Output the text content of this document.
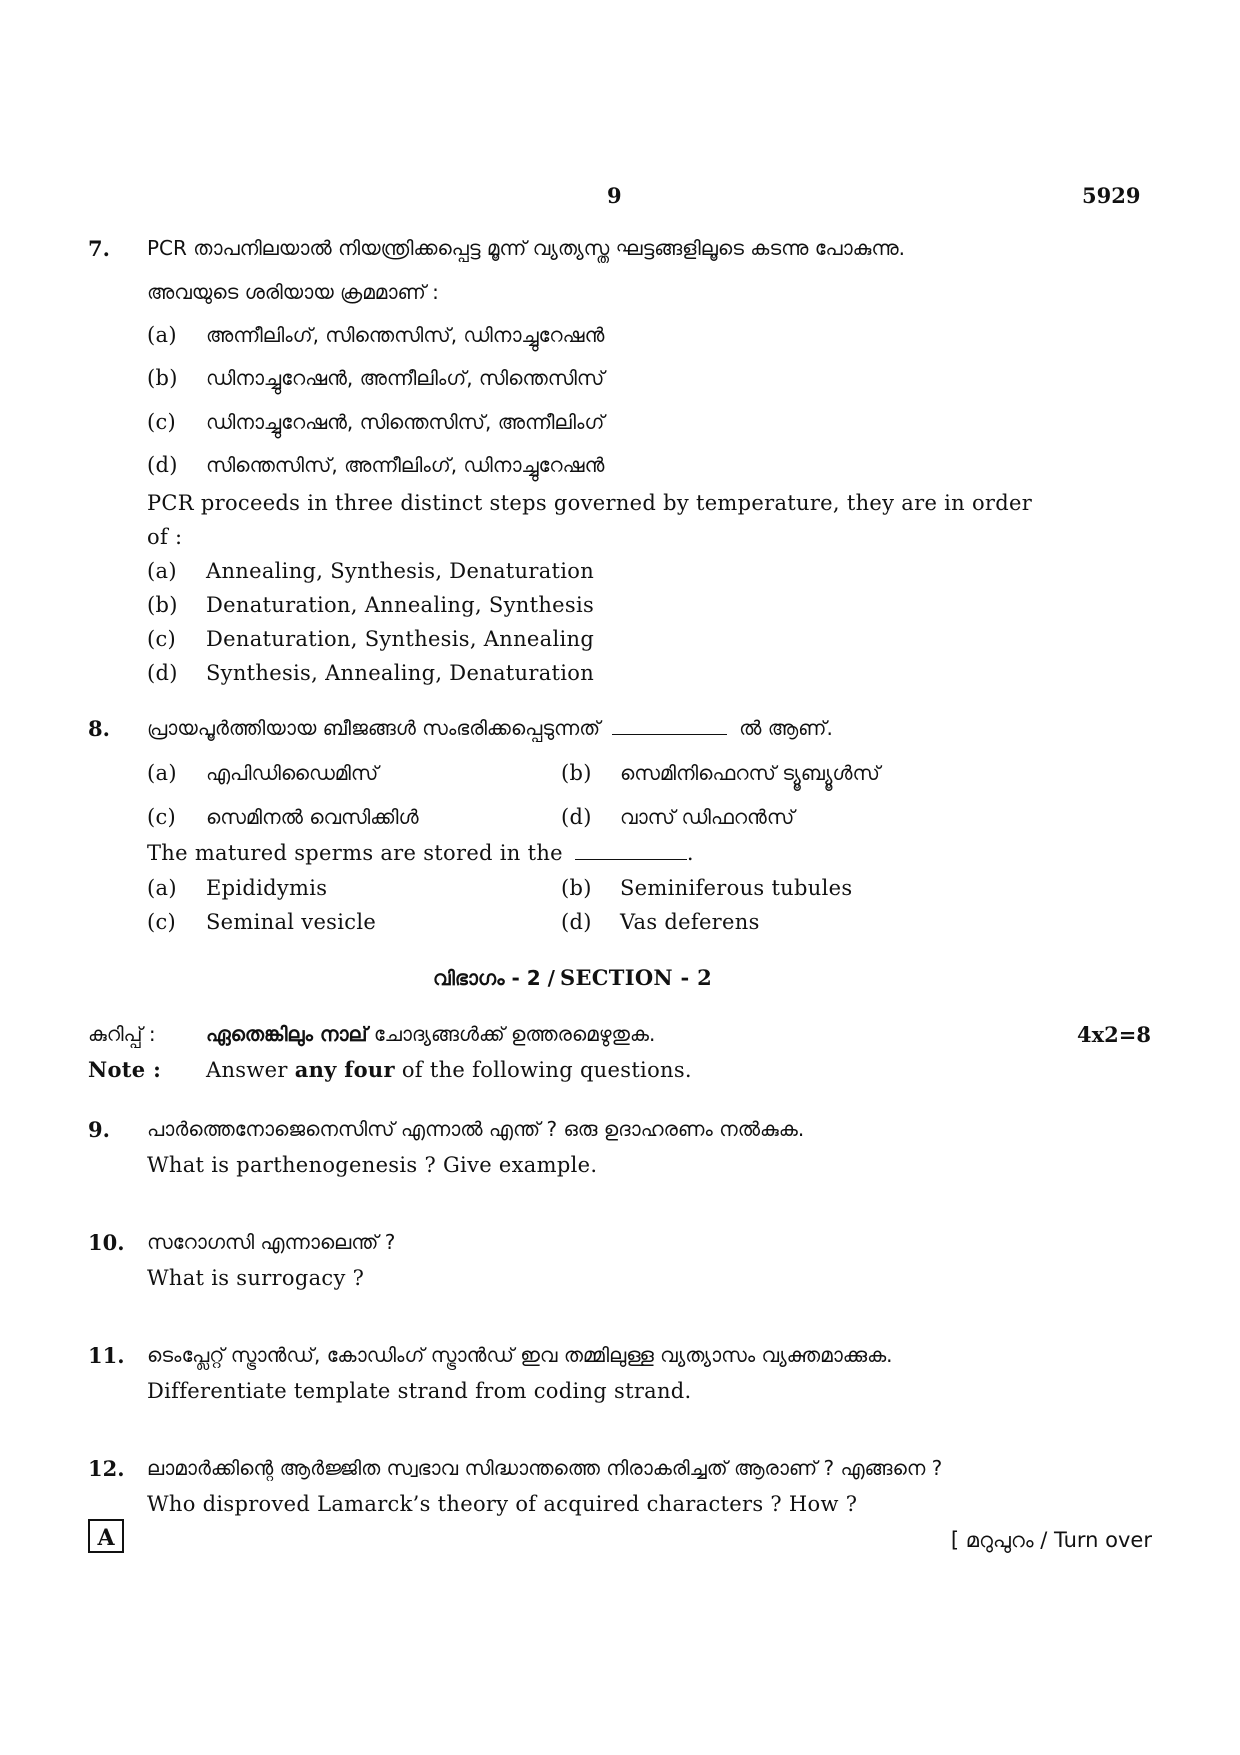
9	5929
7. PCR താപനിലയാൽ നിയന്ത്രിക്കപ്പെട്ട മൂന്ന് വ്യത്യസ്ത ഘട്ടങ്ങളിലൂടെ കടന്നു പോകുന്നു.
അവയുടെ ശരിയായ ക്രമമാണ് :
(a) അന്നീലിംഗ്, സിന്തെസിസ്, ഡിനാച്ചുറേഷൻ
(b) ഡിനാച്ചുറേഷൻ, അന്നീലിംഗ്, സിന്തെസിസ്
(c) ഡിനാച്ചുറേഷൻ, സിന്തെസിസ്, അന്നീലിംഗ്
(d) സിന്തെസിസ്, അന്നീലിംഗ്, ഡിനാച്ചുറേഷൻ
PCR proceeds in three distinct steps governed by temperature, they are in order
of :
(a) Annealing, Synthesis, Denaturation
(b) Denaturation, Annealing, Synthesis
(c) Denaturation, Synthesis, Annealing
(d) Synthesis, Annealing, Denaturation
8. പ്രായപൂർത്തിയായ ബീജങ്ങൾ സംഭരിക്കപ്പെടുന്നത്	ൽ ആണ്.
(a) എപിഡിഡൈമിസ്	(b) സെമിനിഫെറസ് ട്യൂബ്യൂൾസ്
(c) സെമിനൽ വെസിക്കിൾ	(d) വാസ് ഡിഫറൻസ്
The matured sperms are stored in the	.
(a) Epididymis	(b) Seminiferous tubules
(c) Seminal vesicle	(d) Vas deferens
വിഭാഗം - 2 / SECTION - 2
കുറിപ്പ് :	ഏതെങ്കിലും നാല് ചോദ്യങ്ങൾക്ക് ഉത്തരമെഴുതുക.	4x2=8
Note : Answer any four of the following questions.
9. പാർത്തെനോജെനെസിസ് എന്നാൽ എന്ത് ? ഒരു ഉദാഹരണം നൽകുക.
What is parthenogenesis ? Give example.
10. സറോഗസി എന്നാലെന്ത് ?
What is surrogacy ?
11. ടെംപ്ലേറ്റ് സ്ട്രാൻഡ്, കോഡിംഗ് സ്ട്രാൻഡ് ഇവ തമ്മിലുള്ള വ്യത്യാസം വ്യക്തമാക്കുക.
Differentiate template strand from coding strand.
12. ലാമാർക്കിന്റെ ആർജ്ജിത സ്വഭാവ സിദ്ധാന്തത്തെ നിരാകരിച്ചത് ആരാണ് ? എങ്ങനെ ?
Who disproved Lamarck’s theory of acquired characters ? How ?
A	[ മറുപുറം / Turn over
